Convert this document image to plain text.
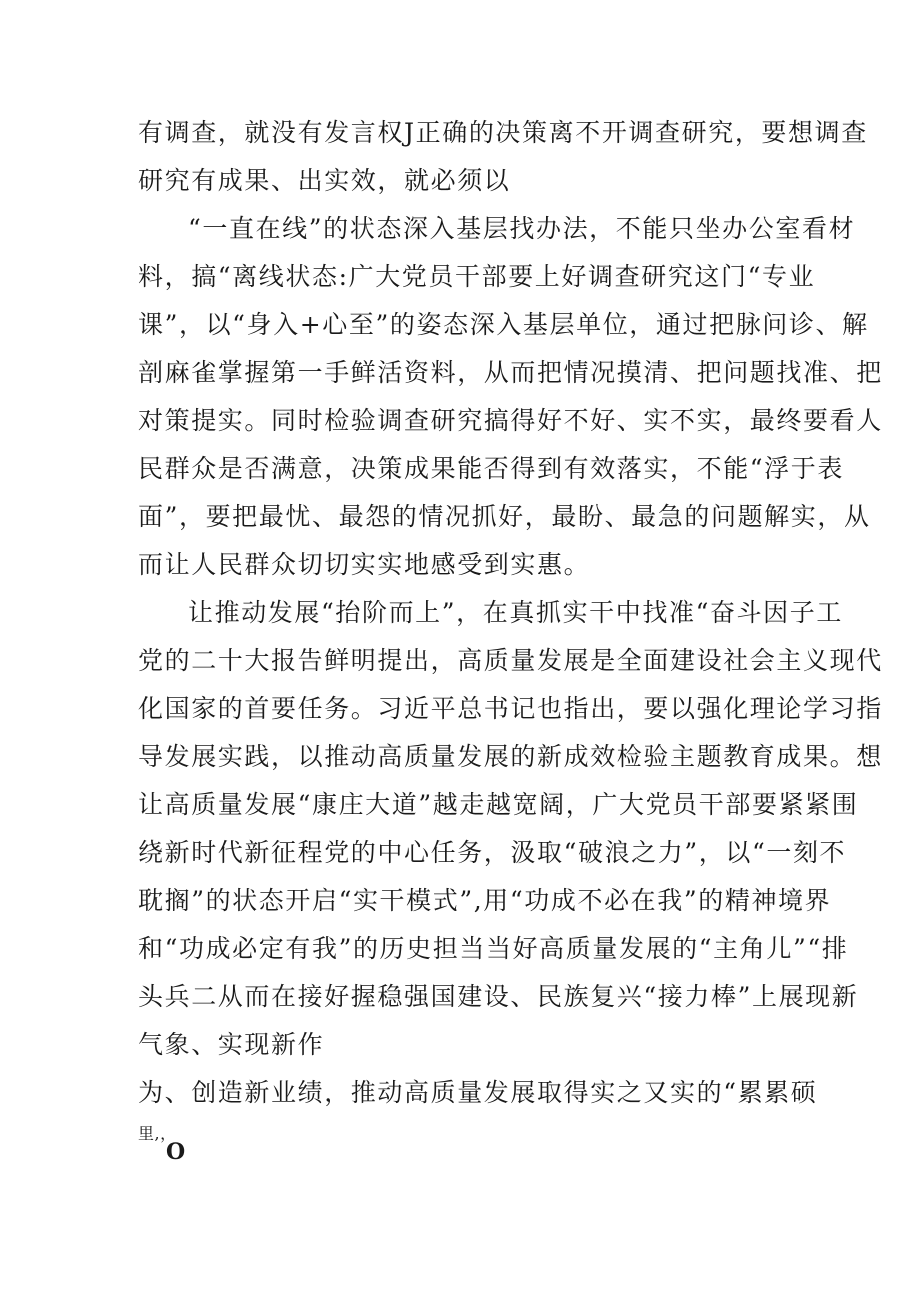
有调查，就没有发言权J正确的决策离不开调查研究，要想调查
研究有成果、出实效，就必须以
“一直在线”的状态深入基层找办法，不能只坐办公室看材
料，搞“离线状态:广大党员干部要上好调查研究这门“专业
课”，以“身入+心至”的姿态深入基层单位，通过把脉问诊、解
剖麻雀掌握第一手鲜活资料，从而把情况摸清、把问题找准、把
对策提实。同时检验调查研究搞得好不好、实不实，最终要看人
民群众是否满意，决策成果能否得到有效落实，不能“浮于表
面”，要把最忧、最怨的情况抓好，最盼、最急的问题解实，从
而让人民群众切切实实地感受到实惠。
让推动发展“抬阶而上”，在真抓实干中找准“奋斗因子工
党的二十大报告鲜明提出，高质量发展是全面建设社会主义现代
化国家的首要任务。习近平总书记也指出，要以强化理论学习指
导发展实践，以推动高质量发展的新成效检验主题教育成果。想
让高质量发展“康庄大道”越走越宽阔，广大党员干部要紧紧围
绕新时代新征程党的中心任务，汲取“破浪之力”，以“一刻不
耽搁”的状态开启“实干模式”,用“功成不必在我”的精神境界
和“功成必定有我”的历史担当当好高质量发展的“主角儿”“排
头兵二从而在接好握稳强国建设、民族复兴“接力棒”上展现新
气象、实现新作
为、创造新业绩，推动高质量发展取得实之又实的“累累硕
里,，
O
